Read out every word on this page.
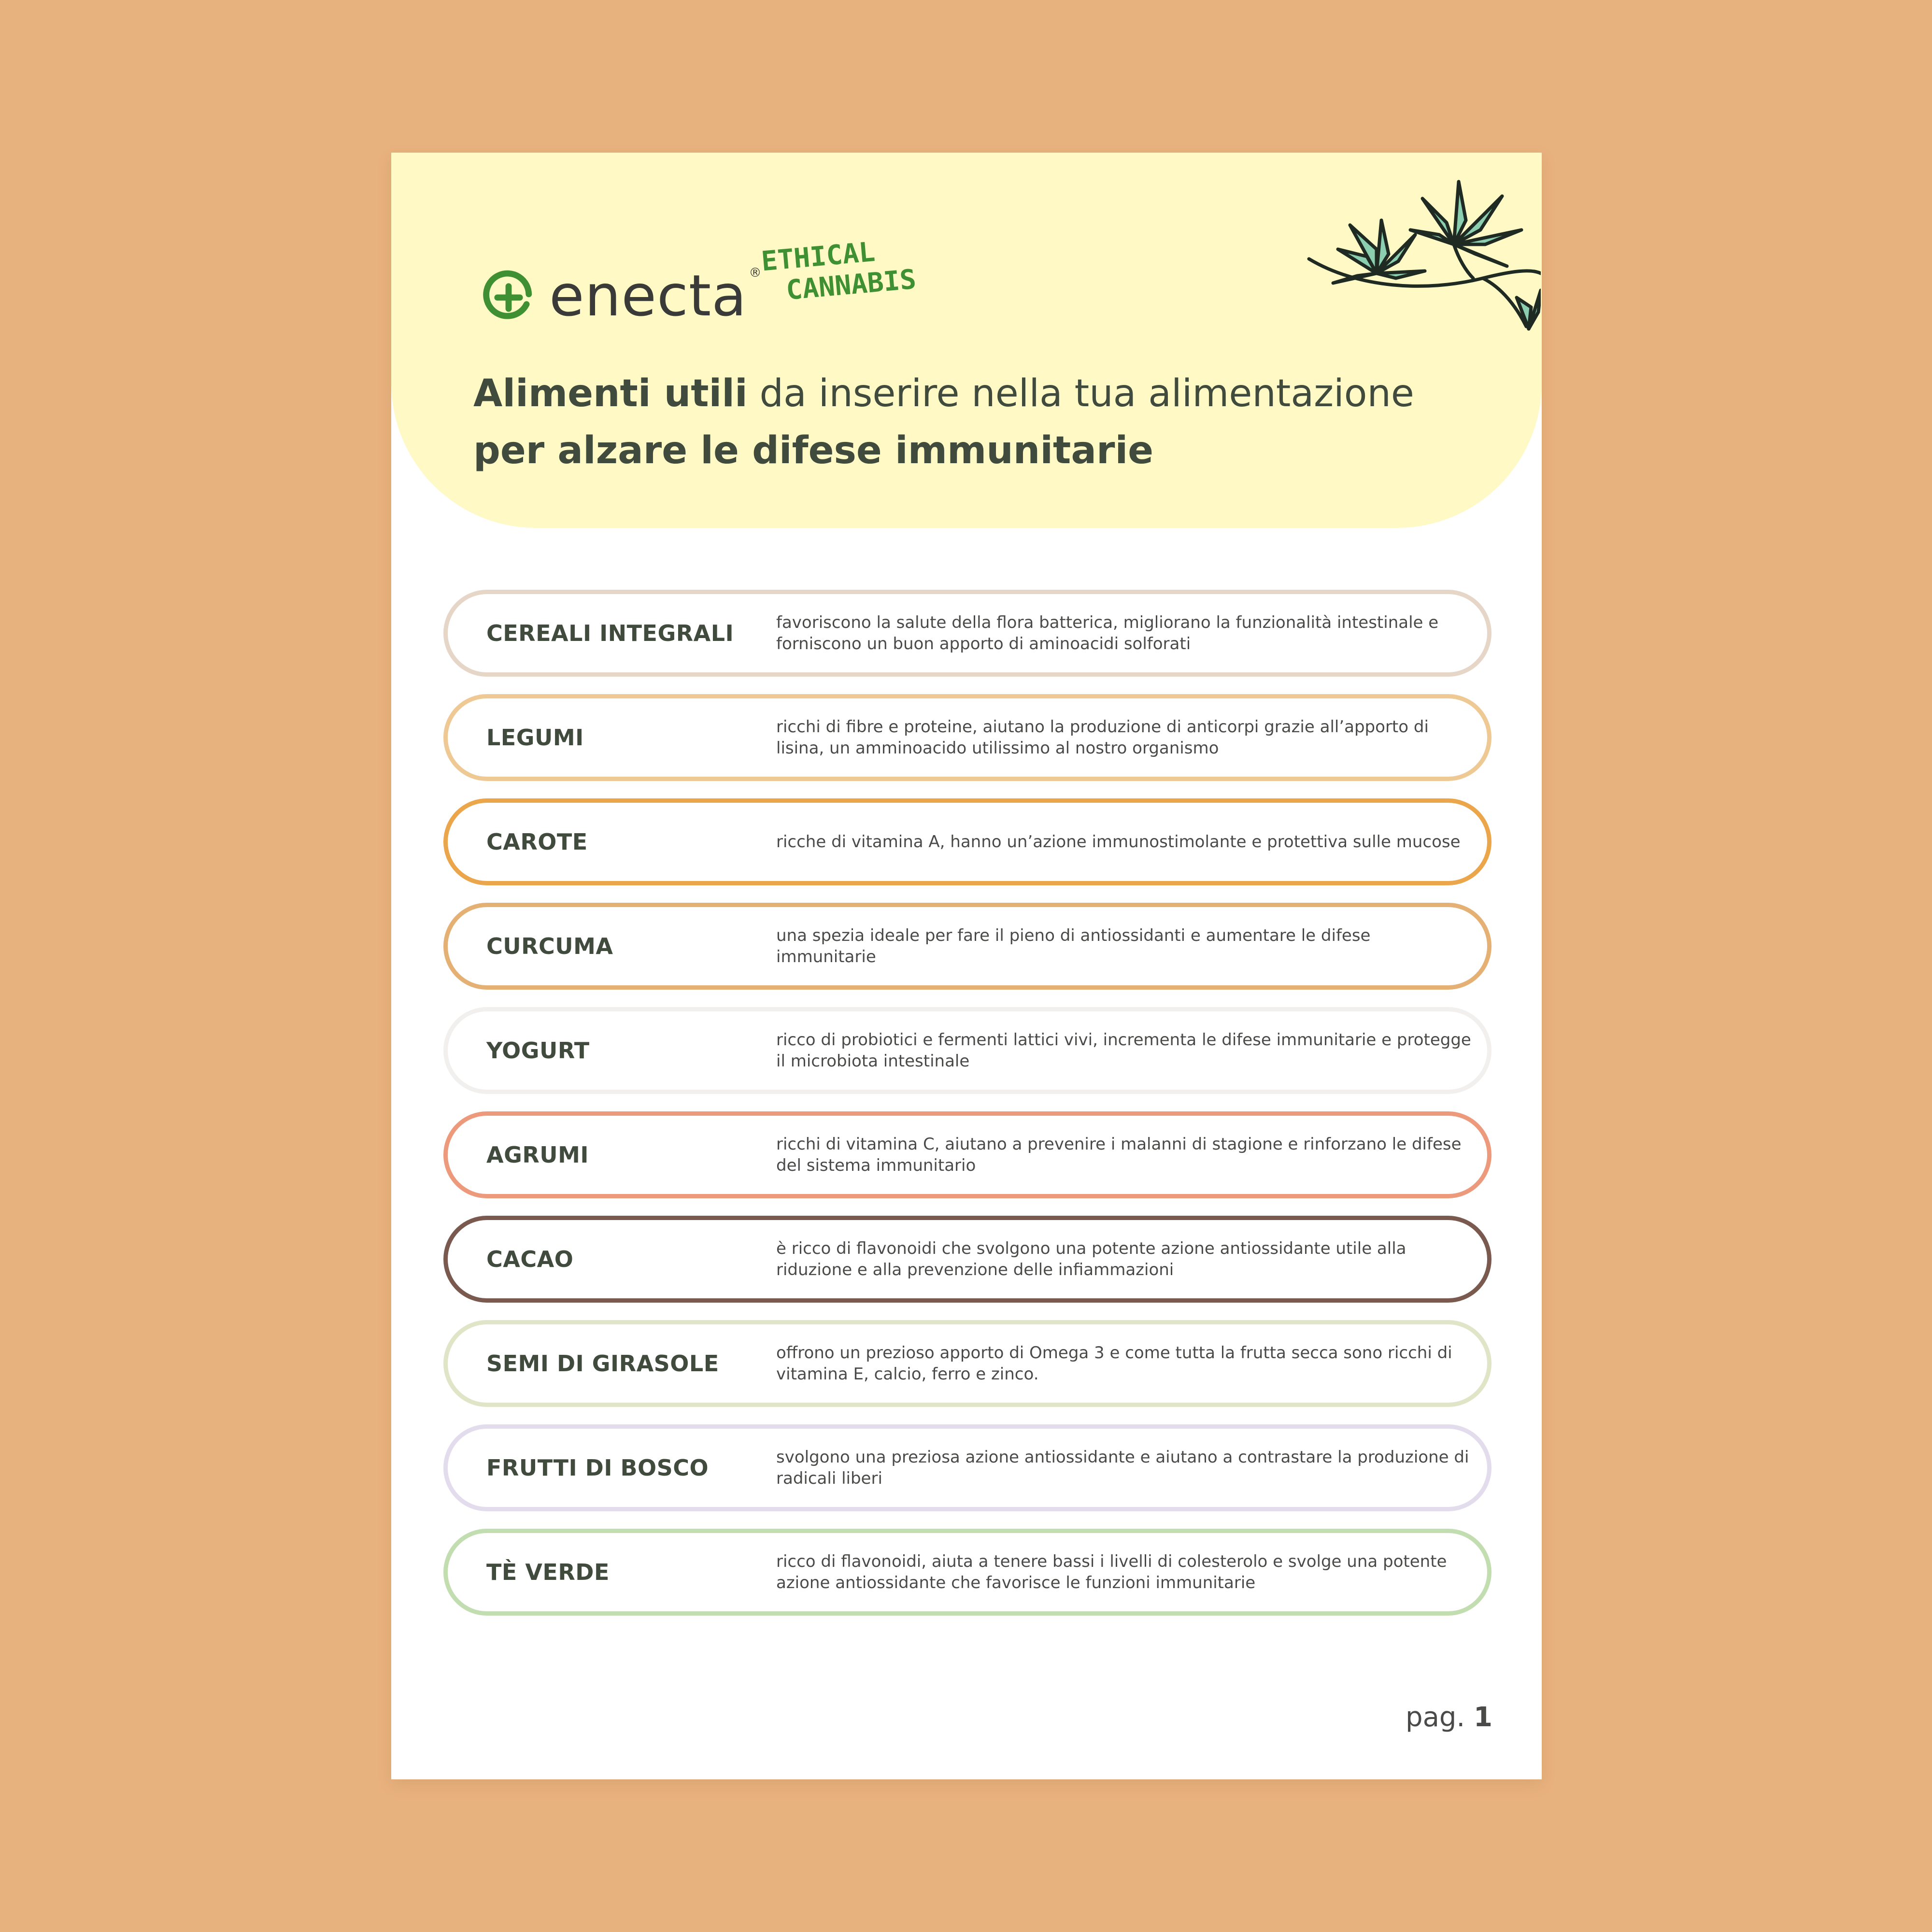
enecta ®
ETHICAL
CANNABIS
Alimenti utili da inserire nella tua alimentazione
per alzare le difese immunitarie
CEREALI INTEGRALI	favoriscono la salute della flora batterica, migliorano la funzionalità intestinale e forniscono un buon apporto di aminoacidi solforati
LEGUMI	ricchi di fibre e proteine, aiutano la produzione di anticorpi grazie all’apporto di lisina, un amminoacido utilissimo al nostro organismo
CAROTE	ricche di vitamina A, hanno un’azione immunostimolante e protettiva sulle mucose
CURCUMA	una spezia ideale per fare il pieno di antiossidanti e aumentare le difese immunitarie
YOGURT	ricco di probiotici e fermenti lattici vivi, incrementa le difese immunitarie e protegge il microbiota intestinale
AGRUMI	ricchi di vitamina C, aiutano a prevenire i malanni di stagione e rinforzano le difese del sistema immunitario
CACAO	è ricco di flavonoidi che svolgono una potente azione antiossidante utile alla riduzione e alla prevenzione delle infiammazioni
SEMI DI GIRASOLE	offrono un prezioso apporto di Omega 3 e come tutta la frutta secca sono ricchi di vitamina E, calcio, ferro e zinco.
FRUTTI DI BOSCO	svolgono una preziosa azione antiossidante e aiutano a contrastare la produzione di radicali liberi
TÈ VERDE	ricco di flavonoidi, aiuta a tenere bassi i livelli di colesterolo e svolge una potente azione antiossidante che favorisce le funzioni immunitarie
pag. 1
